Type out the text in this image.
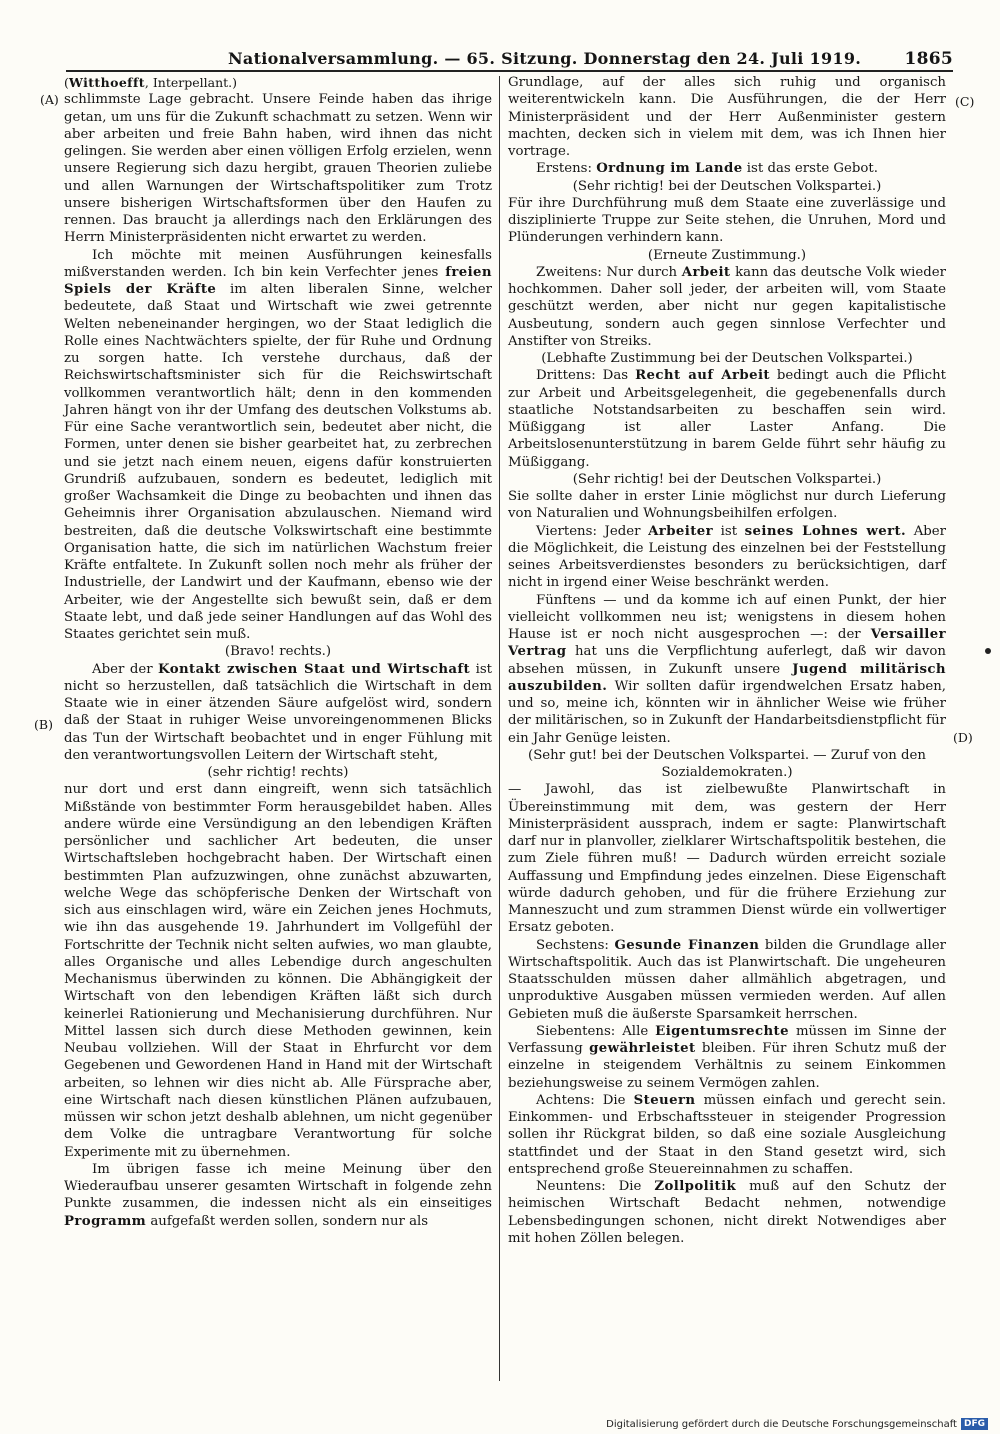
Nationalversammlung. — 65. Sitzung. Donnerstag den 24. Juli 1919.	1865
(A)
(B)
(C)
(D)

(Witthoefft, Interpellant.)

schlimmste Lage gebracht. Unsere Feinde haben das ihrige getan, um uns für die Zukunft schachmatt zu setzen. Wenn wir aber arbeiten und freie Bahn haben, wird ihnen das nicht gelingen. Sie werden aber einen völligen Erfolg erzielen, wenn unsere Regierung sich dazu hergibt, grauen Theorien zuliebe und allen Warnungen der Wirtschaftspolitiker zum Trotz unsere bisherigen Wirtschaftsformen über den Haufen zu rennen. Das braucht ja allerdings nach den Erklärungen des Herrn Ministerpräsidenten nicht erwartet zu werden.

Ich möchte mit meinen Ausführungen keinesfalls mißverstanden werden. Ich bin kein Verfechter jenes freien Spiels der Kräfte im alten liberalen Sinne, welcher bedeutete, daß Staat und Wirtschaft wie zwei getrennte Welten nebeneinander hergingen, wo der Staat lediglich die Rolle eines Nachtwächters spielte, der für Ruhe und Ordnung zu sorgen hatte. Ich verstehe durchaus, daß der Reichswirtschaftsminister sich für die Reichswirtschaft vollkommen verantwortlich hält; denn in den kommenden Jahren hängt von ihr der Umfang des deutschen Volkstums ab. Für eine Sache verantwortlich sein, bedeutet aber nicht, die Formen, unter denen sie bisher gearbeitet hat, zu zerbrechen und sie jetzt nach einem neuen, eigens dafür konstruierten Grundriß aufzubauen, sondern es bedeutet, lediglich mit großer Wachsamkeit die Dinge zu beobachten und ihnen das Geheimnis ihrer Organisation abzulauschen. Niemand wird bestreiten, daß die deutsche Volkswirtschaft eine bestimmte Organisation hatte, die sich im natürlichen Wachstum freier Kräfte entfaltete. In Zukunft sollen noch mehr als früher der Industrielle, der Landwirt und der Kaufmann, ebenso wie der Arbeiter, wie der Angestellte sich bewußt sein, daß er dem Staate lebt, und daß jede seiner Handlungen auf das Wohl des Staates gerichtet sein muß.

(Bravo! rechts.)

Aber der Kontakt zwischen Staat und Wirtschaft ist nicht so herzustellen, daß tatsächlich die Wirtschaft in dem Staate wie in einer ätzenden Säure aufgelöst wird, sondern daß der Staat in ruhiger Weise unvoreingenommenen Blicks das Tun der Wirtschaft beobachtet und in enger Fühlung mit den verantwortungsvollen Leitern der Wirtschaft steht,

(sehr richtig! rechts)

nur dort und erst dann eingreift, wenn sich tatsächlich Mißstände von bestimmter Form herausgebildet haben. Alles andere würde eine Versündigung an den lebendigen Kräften persönlicher und sachlicher Art bedeuten, die unser Wirtschaftsleben hochgebracht haben. Der Wirtschaft einen bestimmten Plan aufzuzwingen, ohne zunächst abzuwarten, welche Wege das schöpferische Denken der Wirtschaft von sich aus einschlagen wird, wäre ein Zeichen jenes Hochmuts, wie ihn das ausgehende 19. Jahrhundert im Vollgefühl der Fortschritte der Technik nicht selten aufwies, wo man glaubte, alles Organische und alles Lebendige durch angeschulten Mechanismus überwinden zu können. Die Abhängigkeit der Wirtschaft von den lebendigen Kräften läßt sich durch keinerlei Rationierung und Mechanisierung durchführen. Nur Mittel lassen sich durch diese Methoden gewinnen, kein Neubau vollziehen. Will der Staat in Ehrfurcht vor dem Gegebenen und Gewordenen Hand in Hand mit der Wirtschaft arbeiten, so lehnen wir dies nicht ab. Alle Fürsprache aber, eine Wirtschaft nach diesen künstlichen Plänen aufzubauen, müssen wir schon jetzt deshalb ablehnen, um nicht gegenüber dem Volke die untragbare Verantwortung für solche Experimente mit zu übernehmen.

Im übrigen fasse ich meine Meinung über den Wiederaufbau unserer gesamten Wirtschaft in folgende zehn Punkte zusammen, die indessen nicht als ein einseitiges Programm aufgefaßt werden sollen, sondern nur als

Grundlage, auf der alles sich ruhig und organisch weiterentwickeln kann. Die Ausführungen, die der Herr Ministerpräsident und der Herr Außenminister gestern machten, decken sich in vielem mit dem, was ich Ihnen hier vortrage.

Erstens: Ordnung im Lande ist das erste Gebot.

(Sehr richtig! bei der Deutschen Volkspartei.)

Für ihre Durchführung muß dem Staate eine zuverlässige und disziplinierte Truppe zur Seite stehen, die Unruhen, Mord und Plünderungen verhindern kann.

(Erneute Zustimmung.)

Zweitens: Nur durch Arbeit kann das deutsche Volk wieder hochkommen. Daher soll jeder, der arbeiten will, vom Staate geschützt werden, aber nicht nur gegen kapitalistische Ausbeutung, sondern auch gegen sinnlose Verfechter und Anstifter von Streiks.

(Lebhafte Zustimmung bei der Deutschen Volkspartei.)

Drittens: Das Recht auf Arbeit bedingt auch die Pflicht zur Arbeit und Arbeitsgelegenheit, die gegebenenfalls durch staatliche Notstandsarbeiten zu beschaffen sein wird. Müßiggang ist aller Laster Anfang. Die Arbeitslosenunterstützung in barem Gelde führt sehr häufig zu Müßiggang.

(Sehr richtig! bei der Deutschen Volkspartei.)

Sie sollte daher in erster Linie möglichst nur durch Lieferung von Naturalien und Wohnungsbeihilfen erfolgen.

Viertens: Jeder Arbeiter ist seines Lohnes wert. Aber die Möglichkeit, die Leistung des einzelnen bei der Feststellung seines Arbeitsverdienstes besonders zu berücksichtigen, darf nicht in irgend einer Weise beschränkt werden.

Fünftens — und da komme ich auf einen Punkt, der hier vielleicht vollkommen neu ist; wenigstens in diesem hohen Hause ist er noch nicht ausgesprochen —: der Versailler Vertrag hat uns die Verpflichtung auferlegt, daß wir davon absehen müssen, in Zukunft unsere Jugend militärisch auszubilden. Wir sollten dafür irgendwelchen Ersatz haben, und so, meine ich, könnten wir in ähnlicher Weise wie früher der militärischen, so in Zukunft der Handarbeitsdienstpflicht für ein Jahr Genüge leisten.

(Sehr gut! bei der Deutschen Volkspartei. — Zuruf von den Sozialdemokraten.)

— Jawohl, das ist zielbewußte Planwirtschaft in Übereinstimmung mit dem, was gestern der Herr Ministerpräsident aussprach, indem er sagte: Planwirtschaft darf nur in planvoller, zielklarer Wirtschaftspolitik bestehen, die zum Ziele führen muß! — Dadurch würden erreicht soziale Auffassung und Empfindung jedes einzelnen. Diese Eigenschaft würde dadurch gehoben, und für die frühere Erziehung zur Manneszucht und zum strammen Dienst würde ein vollwertiger Ersatz geboten.

Sechstens: Gesunde Finanzen bilden die Grundlage aller Wirtschaftspolitik. Auch das ist Planwirtschaft. Die ungeheuren Staatsschulden müssen daher allmählich abgetragen, und unproduktive Ausgaben müssen vermieden werden. Auf allen Gebieten muß die äußerste Sparsamkeit herrschen.

Siebentens: Alle Eigentumsrechte müssen im Sinne der Verfassung gewährleistet bleiben. Für ihren Schutz muß der einzelne in steigendem Verhältnis zu seinem Einkommen beziehungsweise zu seinem Vermögen zahlen.

Achtens: Die Steuern müssen einfach und gerecht sein. Einkommen- und Erbschaftssteuer in steigender Progression sollen ihr Rückgrat bilden, so daß eine soziale Ausgleichung stattfindet und der Staat in den Stand gesetzt wird, sich entsprechend große Steuereinnahmen zu schaffen.

Neuntens: Die Zollpolitik muß auf den Schutz der heimischen Wirtschaft Bedacht nehmen, notwendige Lebensbedingungen schonen, nicht direkt Notwendiges aber mit hohen Zöllen belegen.

Digitalisierung gefördert durch die Deutsche Forschungsgemeinschaft DFG
